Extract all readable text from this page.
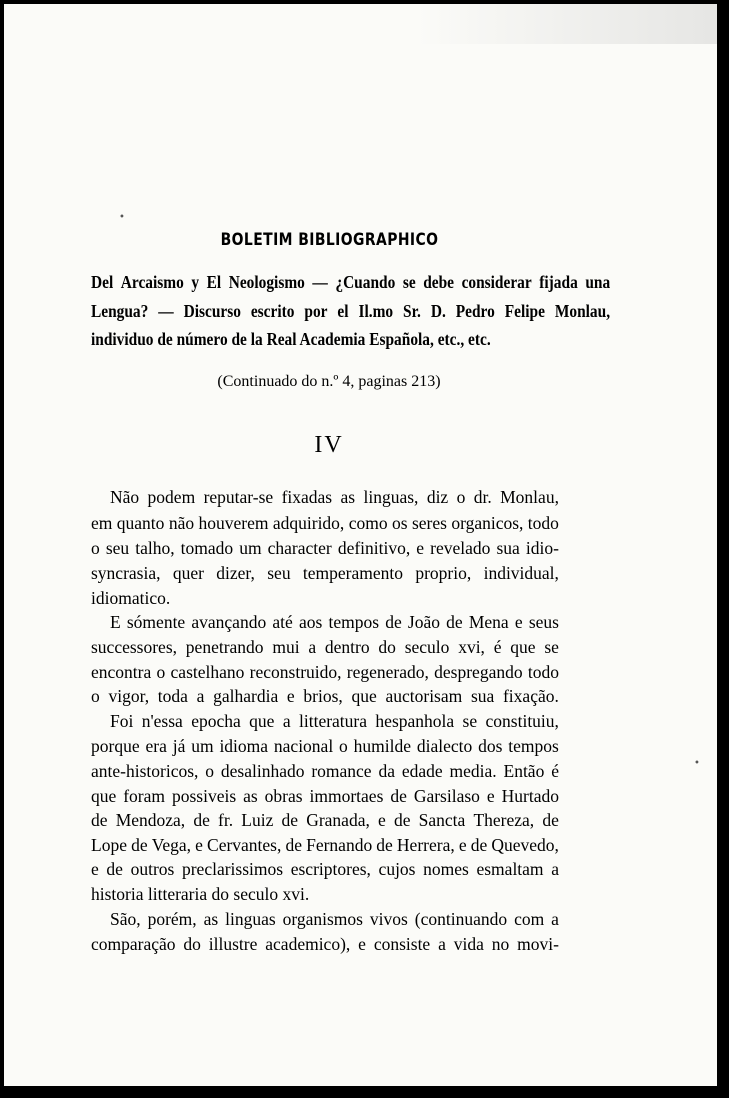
BOLETIM BIBLIOGRAPHICO
Del Arcaismo y El Neologismo — ¿Cuando se debe considerar fijada una
Lengua? — Discurso escrito por el Il.mo Sr. D. Pedro Felipe Monlau,
individuo de número de la Real Academia Española, etc., etc.
(Continuado do n.º 4, paginas 213)
IV
Não podem reputar-se fixadas as linguas, diz o dr. Monlau,
em quanto não houverem adquirido, como os seres organicos, todo
o seu talho, tomado um character definitivo, e revelado sua idio-
syncrasia, quer dizer, seu temperamento proprio, individual,
idiomatico.
E sómente avançando até aos tempos de João de Mena e seus
successores, penetrando mui a dentro do seculo xvi, é que se
encontra o castelhano reconstruido, regenerado, despregando todo
o vigor, toda a galhardia e brios, que auctorisam sua fixação.
Foi n'essa epocha que a litteratura hespanhola se constituiu,
porque era já um idioma nacional o humilde dialecto dos tempos
ante-historicos, o desalinhado romance da edade media. Então é
que foram possiveis as obras immortaes de Garsilaso e Hurtado
de Mendoza, de fr. Luiz de Granada, e de Sancta Thereza, de
Lope de Vega, e Cervantes, de Fernando de Herrera, e de Quevedo,
e de outros preclarissimos escriptores, cujos nomes esmaltam a
historia litteraria do seculo xvi.
São, porém, as linguas organismos vivos (continuando com a
comparação do illustre academico), e consiste a vida no movi-
•
•
